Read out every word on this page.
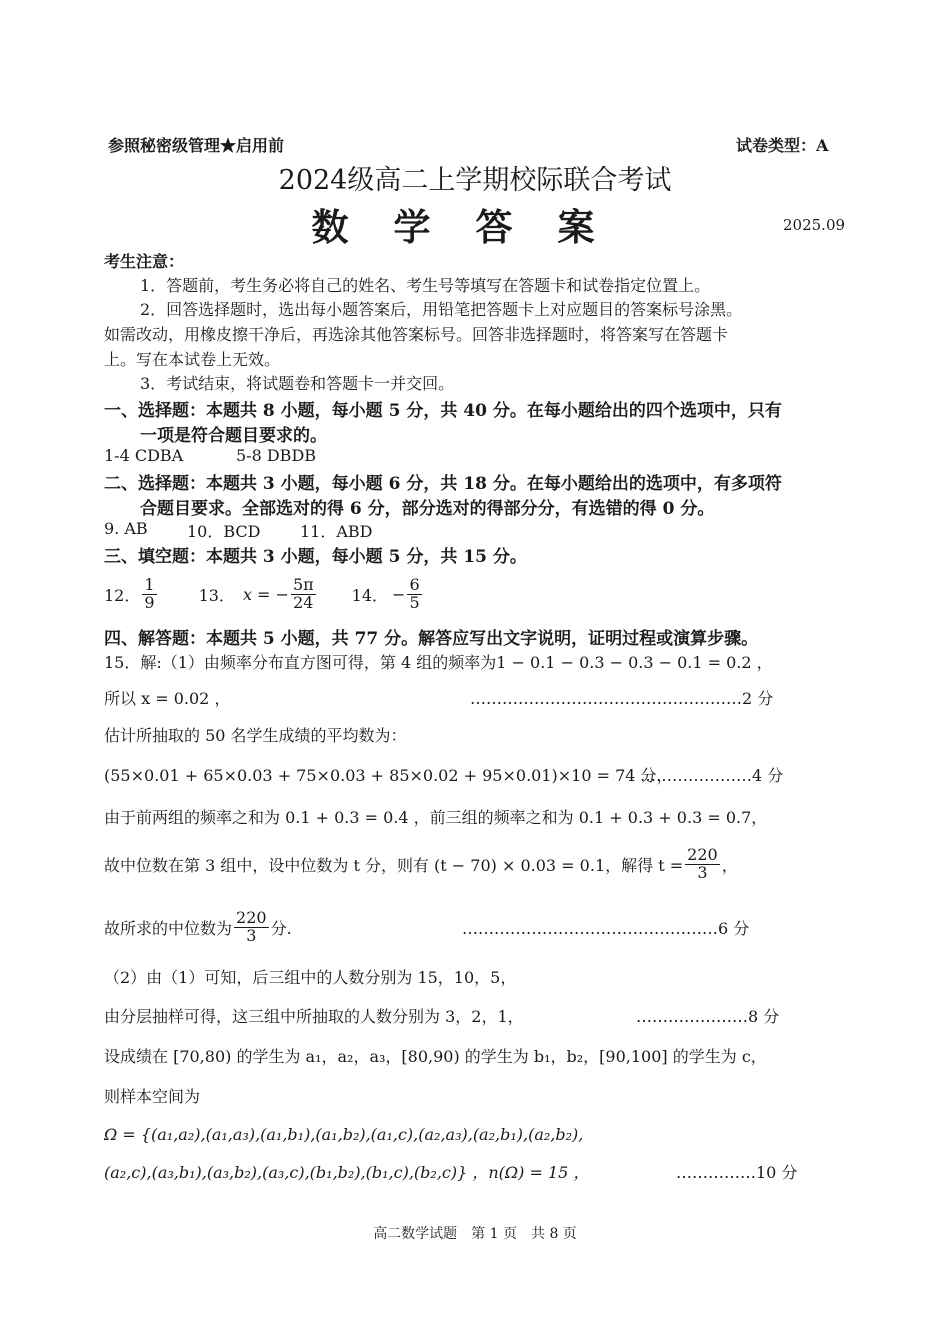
参照秘密级管理★启用前	试卷类型：A
2024级高二上学期校际联合考试
数　学　答　案	2025.09
考生注意：
1．答题前，考生务必将自己的姓名、考生号等填写在答题卡和试卷指定位置上。
2．回答选择题时，选出每小题答案后，用铅笔把答题卡上对应题目的答案标号涂黑。
如需改动，用橡皮擦干净后，再选涂其他答案标号。回答非选择题时，将答案写在答题卡
上。写在本试卷上无效。
3．考试结束，将试题卷和答题卡一并交回。
一、选择题：本题共 8 小题，每小题 5 分，共 40 分。在每小题给出的四个选项中，只有
一项是符合题目要求的。
1-4 CDBA	5-8 DBDB
二、选择题：本题共 3 小题，每小题 6 分，共 18 分。在每小题给出的选项中，有多项符
合题目要求。全部选对的得 6 分，部分选对的得部分分，有选错的得 0 分。
9. AB 10．BCD 11．ABD
三、填空题：本题共 3 小题，每小题 5 分，共 15 分。
12． $\frac{1}{9}$	13． x = − $\frac{5\pi}{24} 14$． − $\frac{6}{5}$
四、解答题：本题共 5 小题，共 77 分。解答应写出文字说明，证明过程或演算步骤。
15．解:（1）由频率分布直方图可得，第 4 组的频率为1 − 0.1 − 0.3 − 0.3 − 0.1 = 0.2 ，
所以 x = 0.02 ，	……………………………………………2 分
估计所抽取的 50 名学生成绩的平均数为：
(55×0.01 + 65×0.03 + 75×0.03 + 85×0.02 + 95×0.01)×10 = 74 分，
…………………4 分
由于前两组的频率之和为 0.1 + 0.3 = 0.4 ，前三组的频率之和为 0.1 + 0.3 + 0.3 = 0.7，
故中位数在第 3 组中，设中位数为 t 分，则有 (t − 70) × 0.03 = 0.1，解得 $t = \frac{220}{3}$ ，
故所求的中位数为 $\frac{220}{3}$ 分.	…………………………………………6 分
（2）由（1）可知，后三组中的人数分别为 15，10，5，
由分层抽样可得，这三组中所抽取的人数分别为 3，2，1，	…………………8 分
设成绩在 [70,80) 的学生为 a₁，a₂，a₃，[80,90) 的学生为 b₁，b₂，[90,100] 的学生为 c，
则样本空间为
Ω = {(a₁,a₂),(a₁,a₃),(a₁,b₁),(a₁,b₂),(a₁,c),(a₂,a₃),(a₂,b₁),(a₂,b₂),
(a₂,c),(a₃,b₁),(a₃,b₂),(a₃,c),(b₁,b₂),(b₁,c),(b₂,c)} ，n(Ω) = 15 ，	……………10 分
高二数学试题　第 1 页　共 8 页
